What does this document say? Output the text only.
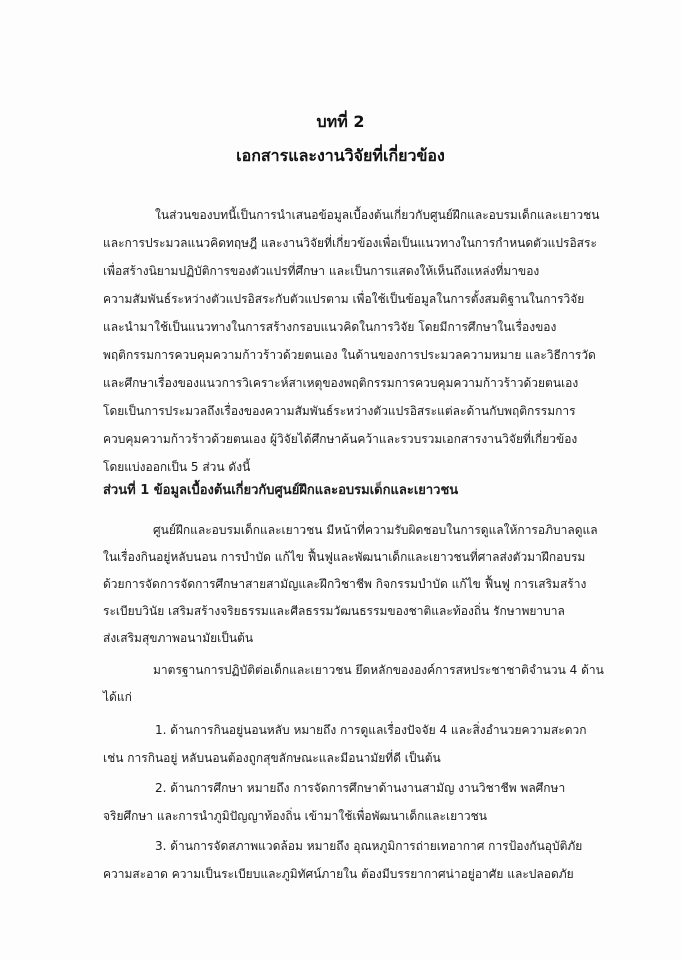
บทที่ 2
เอกสารและงานวิจัยที่เกี่ยวข้อง

ในส่วนของบทนี้เป็นการนำเสนอข้อมูลเบื้องต้นเกี่ยวกับศูนย์ฝึกและอบรมเด็กและเยาวชน

และการประมวลแนวคิดทฤษฎี และงานวิจัยที่เกี่ยวข้องเพื่อเป็นแนวทางในการกำหนดตัวแปรอิสระ

เพื่อสร้างนิยามปฏิบัติการของตัวแปรที่ศึกษา และเป็นการแสดงให้เห็นถึงแหล่งที่มาของ

ความสัมพันธ์ระหว่างตัวแปรอิสระกับตัวแปรตาม เพื่อใช้เป็นข้อมูลในการตั้งสมติฐานในการวิจัย

และนำมาใช้เป็นแนวทางในการสร้างกรอบแนวคิดในการวิจัย โดยมีการศึกษาในเรื่องของ

พฤติกรรมการควบคุมความก้าวร้าวด้วยตนเอง ในด้านของการประมวลความหมาย และวิธีการวัด

และศึกษาเรื่องของแนวการวิเคราะห์สาเหตุของพฤติกรรมการควบคุมความก้าวร้าวด้วยตนเอง

โดยเป็นการประมวลถึงเรื่องของความสัมพันธ์ระหว่างตัวแปรอิสระแต่ละด้านกับพฤติกรรมการ

ควบคุมความก้าวร้าวด้วยตนเอง ผู้วิจัยได้ศึกษาค้นคว้าและรวบรวมเอกสารงานวิจัยที่เกี่ยวข้อง

โดยแบ่งออกเป็น 5 ส่วน ดังนี้

ส่วนที่ 1 ข้อมูลเบื้องต้นเกี่ยวกับศูนย์ฝึกและอบรมเด็กและเยาวชน

ศูนย์ฝึกและอบรมเด็กและเยาวชน มีหน้าที่ความรับผิดชอบในการดูแลให้การอภิบาลดูแล

ในเรื่องกินอยู่หลับนอน การบำบัด แก้ไข ฟื้นฟูและพัฒนาเด็กและเยาวชนที่ศาลส่งตัวมาฝึกอบรม

ด้วยการจัดการจัดการศึกษาสายสามัญและฝึกวิชาชีพ กิจกรรมบำบัด แก้ไข ฟื้นฟู การเสริมสร้าง

ระเบียบวินัย เสริมสร้างจริยธรรมและศีลธรรมวัฒนธรรมของชาติและท้องถิ่น รักษาพยาบาล

ส่งเสริมสุขภาพอนามัยเป็นต้น

มาตรฐานการปฏิบัติต่อเด็กและเยาวชน ยึดหลักขององค์การสหประชาชาติจำนวน 4 ด้าน

ได้แก่

1. ด้านการกินอยู่นอนหลับ หมายถึง การดูแลเรื่องปัจจัย 4 และสิ่งอำนวยความสะดวก

เช่น การกินอยู่ หลับนอนต้องถูกสุขลักษณะและมีอนามัยที่ดี เป็นต้น

2. ด้านการศึกษา หมายถึง การจัดการศึกษาด้านงานสามัญ งานวิชาชีพ พลศึกษา

จริยศึกษา และการนำภูมิปัญญาท้องถิ่น เข้ามาใช้เพื่อพัฒนาเด็กและเยาวชน

3. ด้านการจัดสภาพแวดล้อม หมายถึง อุณหภูมิการถ่ายเทอากาศ การป้องกันอุบัติภัย

ความสะอาด ความเป็นระเบียบและภูมิทัศน์ภายใน ต้องมีบรรยากาศน่าอยู่อาศัย และปลอดภัย
